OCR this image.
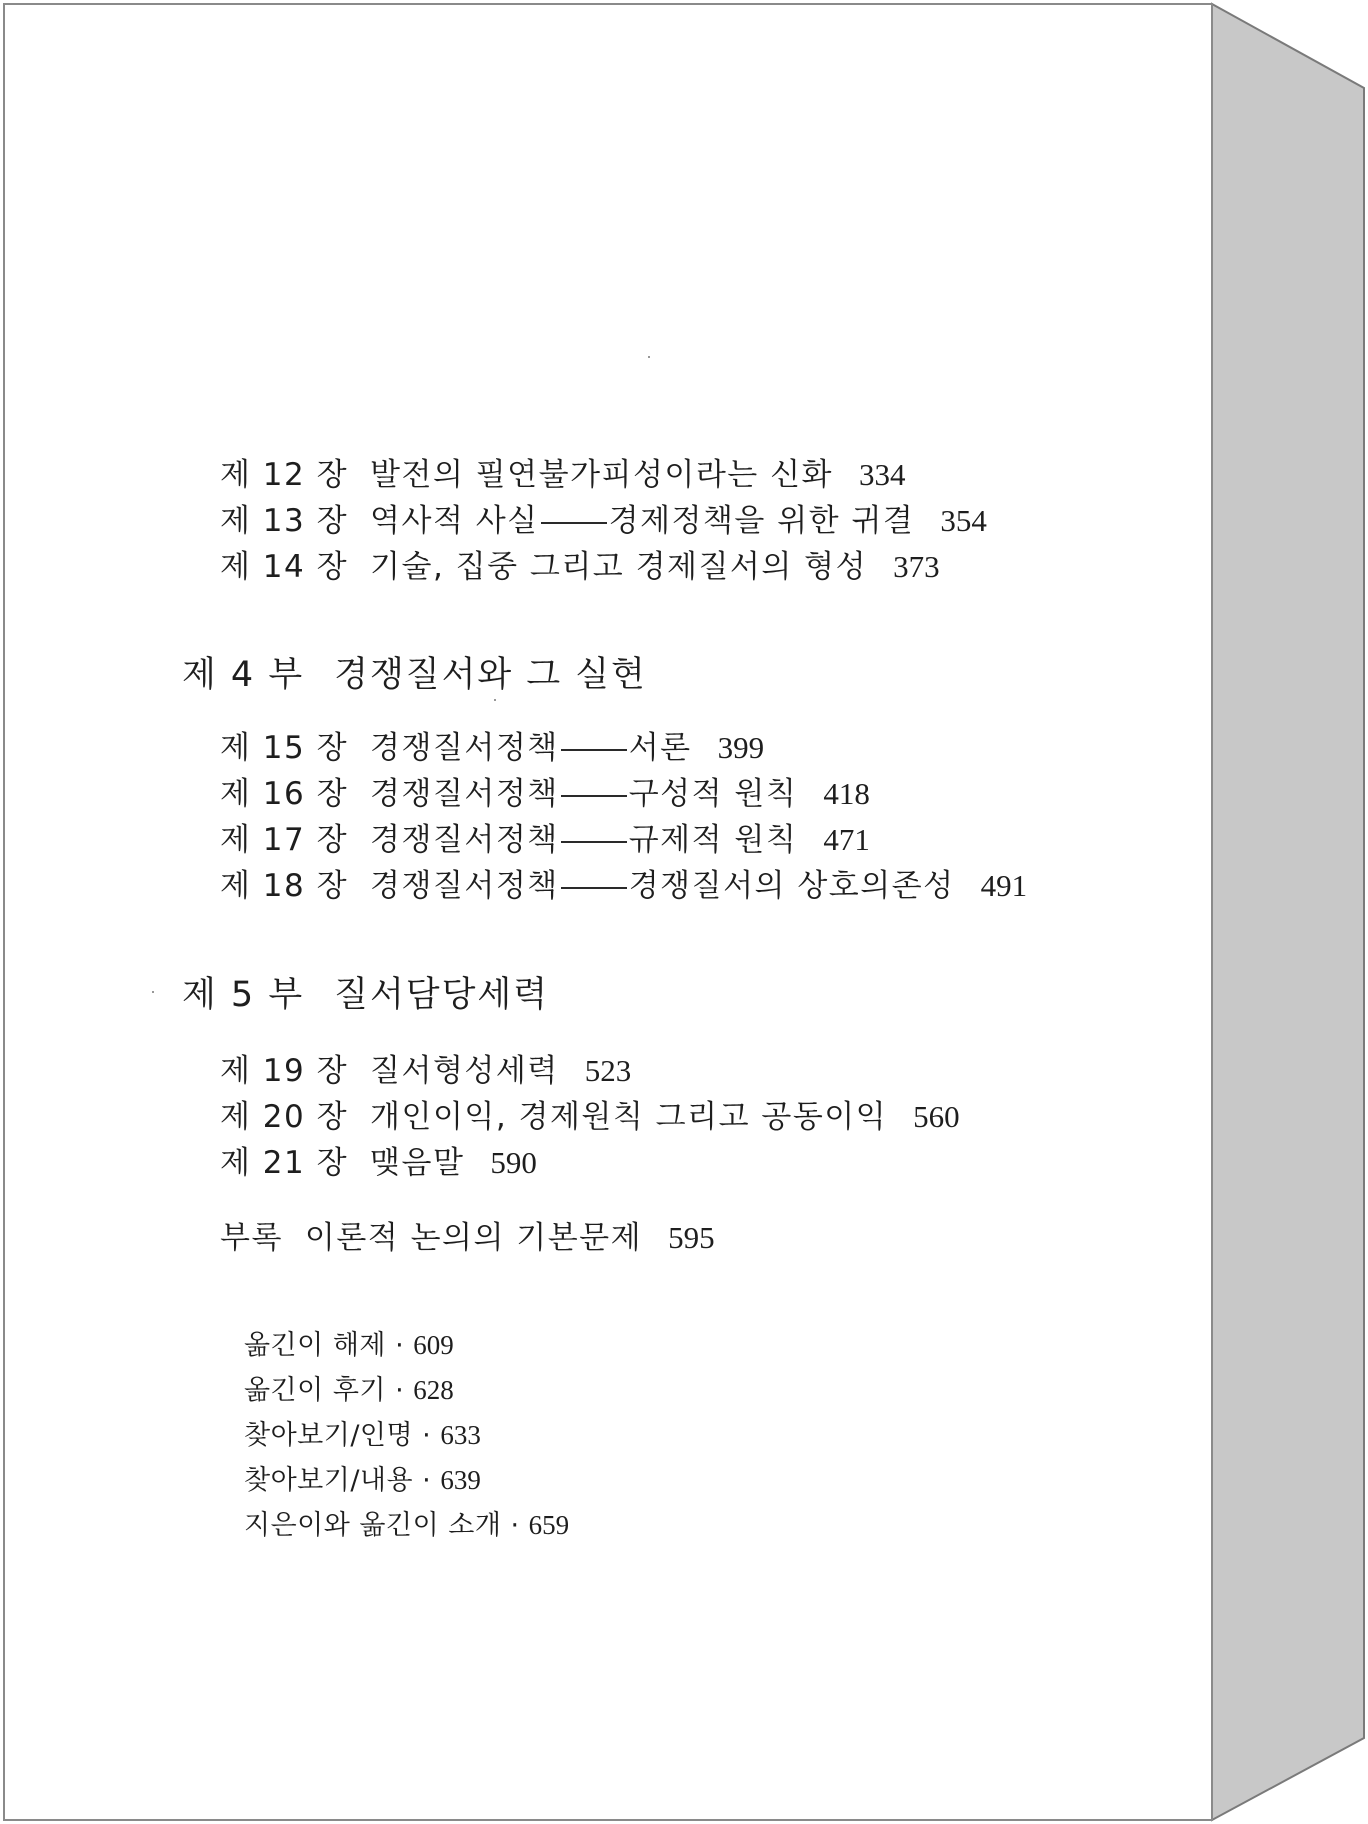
제 12 장 발전의 필연불가피성이라는 신화 334
제 13 장 역사적 사실 경제정책을 위한 귀결 354
제 14 장 기술, 집중 그리고 경제질서의 형성 373
제 4 부 경쟁질서와 그 실현
제 15 장 경쟁질서정책 서론 399
제 16 장 경쟁질서정책 구성적 원칙 418
제 17 장 경쟁질서정책 규제적 원칙 471
제 18 장 경쟁질서정책 경쟁질서의 상호의존성 491
제 5 부 질서담당세력
제 19 장 질서형성세력 523
제 20 장 개인이익, 경제원칙 그리고 공동이익 560
제 21 장 맺음말 590
부록 이론적 논의의 기본문제 595
옮긴이 해제 · 609
옮긴이 후기 · 628
찾아보기/인명 · 633
찾아보기/내용 · 639
지은이와 옮긴이 소개 · 659
